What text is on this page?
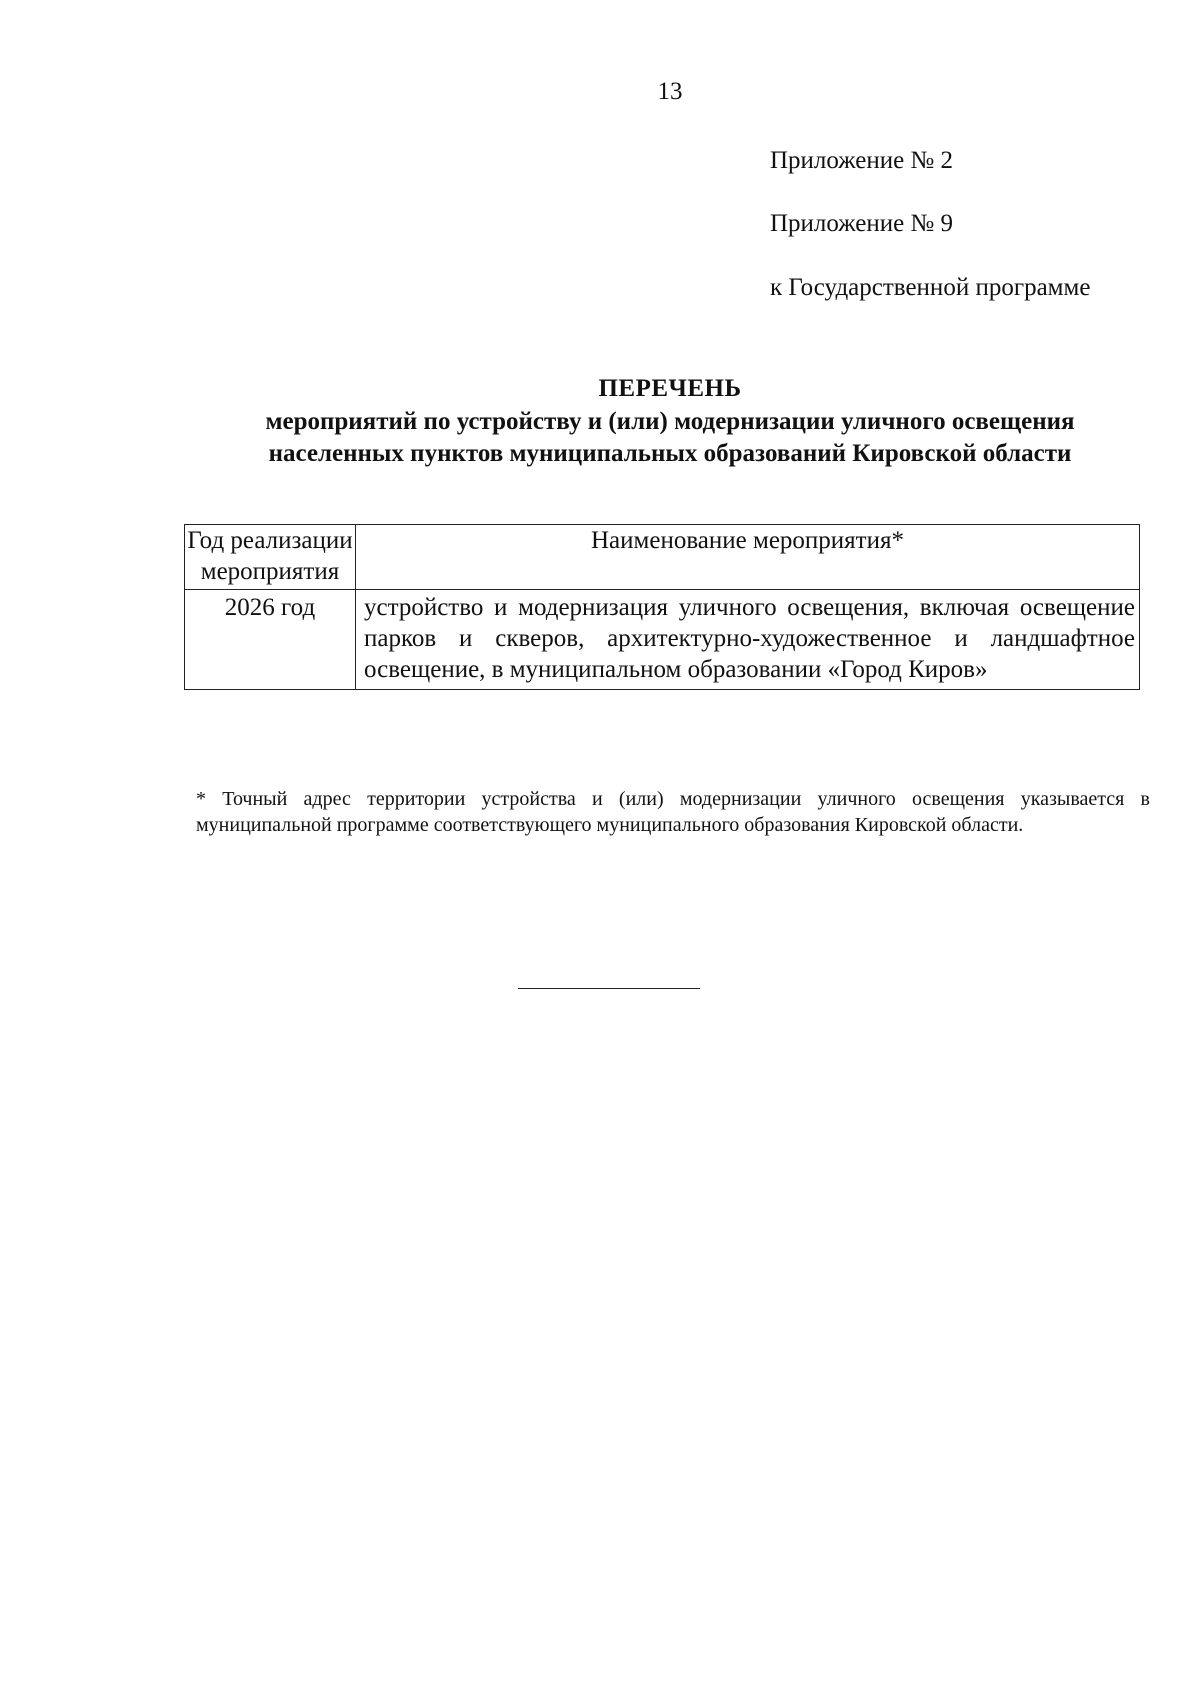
13
Приложение № 2
Приложение № 9
к Государственной программе
ПЕРЕЧЕНЬ
мероприятий по устройству и (или) модернизации уличного освещения
населенных пунктов муниципальных образований Кировской области
Год реализации мероприятия	Наименование мероприятия*
2026 год	устройство и модернизация уличного освещения, включая освещение парков и скверов, архитектурно-художественное и ландшафтное освещение, в муниципальном образовании «Город Киров»
* Точный адрес территории устройства и (или) модернизации уличного освещения указывается в муниципальной программе соответствующего муниципального образования Кировской области.
